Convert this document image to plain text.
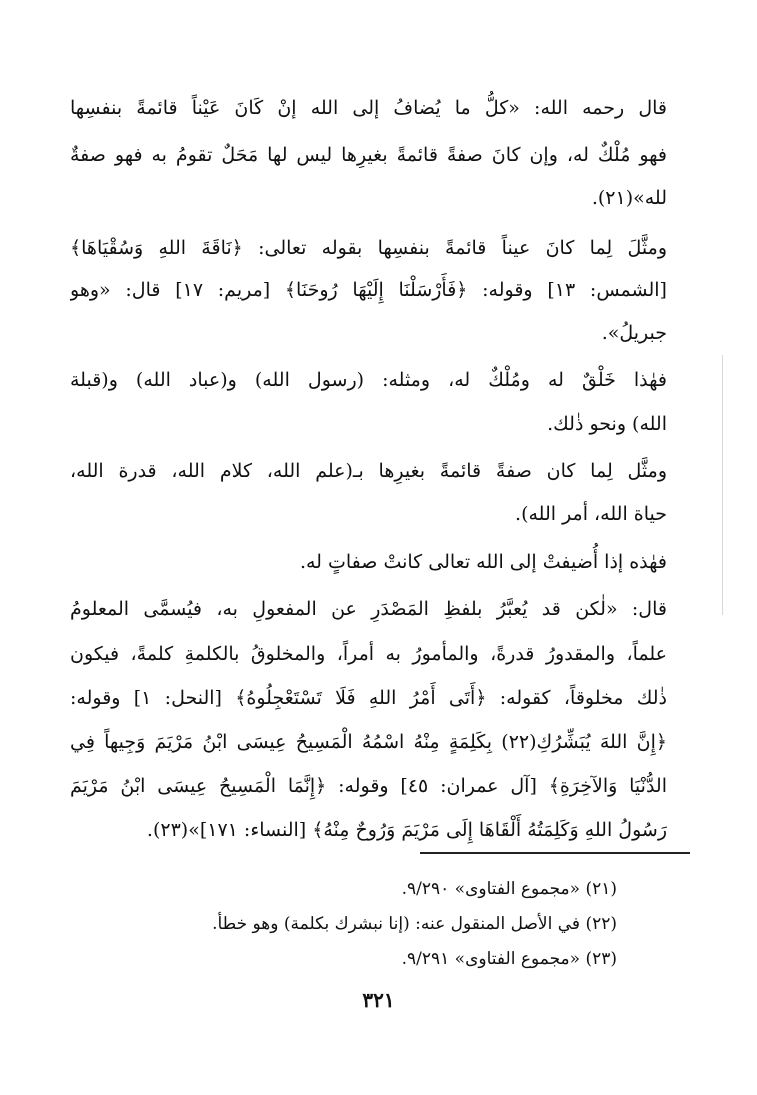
قال رحمه الله: «كلُّ ما يُضافُ إلى الله إنْ كَانَ عَيْناً قائمةً بنفسِها
فهو مُلْكٌ له، وإن كانَ صفةً قائمةً بغيرِها ليس لها مَحَلٌ تقومُ به فهو صفةٌ
لله»(٢١).
ومثَّلَ لِما كانَ عيناً قائمةً بنفسِها بقوله تعالى: ﴿نَاقَةَ اللهِ وَسُقْيَاهَا﴾
[الشمس: ١٣] وقوله: ﴿فَأَرْسَلْنَا إِلَيْهَا رُوحَنَا﴾ [مريم: ١٧] قال: «وهو
جبريلُ».
فهٰذا خَلْقٌ له ومُلْكٌ له، ومثله: (رسول الله) و(عباد الله) و(قبلة
الله) ونحو ذٰلك.
ومثَّل لِما كان صفةً قائمةً بغيرِها بـ(علم الله، كلام الله، قدرة الله،
حياة الله، أمر الله).
فهٰذه إذا أُضيفتْ إلى الله تعالى كانتْ صفاتٍ له.
قال: «لٰكن قد يُعبَّرُ بلفظِ المَصْدَرِ عن المفعولِ به، فيُسمَّى المعلومُ
علماً، والمقدورُ قدرةً، والمأمورُ به أمراً، والمخلوقُ بالكلمةِ كلمةً، فيكون
ذٰلك مخلوقاً، كقوله: ﴿أَتَى أَمْرُ اللهِ فَلَا تَسْتَعْجِلُوهُ﴾ [النحل: ١] وقوله:
﴿إِنَّ اللهَ يُبَشِّرُكِ(٢٢) بِكَلِمَةٍ مِنْهُ اسْمُهُ الْمَسِيحُ عِيسَى ابْنُ مَرْيَمَ وَجِيهاً فِي
الدُّنْيَا وَالآخِرَةِ﴾ [آل عمران: ٤٥] وقوله: ﴿إِنَّمَا الْمَسِيحُ عِيسَى ابْنُ مَرْيَمَ
رَسُولُ اللهِ وَكَلِمَتُهُ أَلْقَاهَا إِلَى مَرْيَمَ وَرُوحٌ مِنْهُ﴾ [النساء: ١٧١]»(٢٣).
(٢١) «مجموع الفتاوى» ٩/٢٩٠.
(٢٢) في الأصل المنقول عنه: (إنا نبشرك بكلمة) وهو خطأ.
(٢٣) «مجموع الفتاوى» ٩/٢٩١.
٣٢١
